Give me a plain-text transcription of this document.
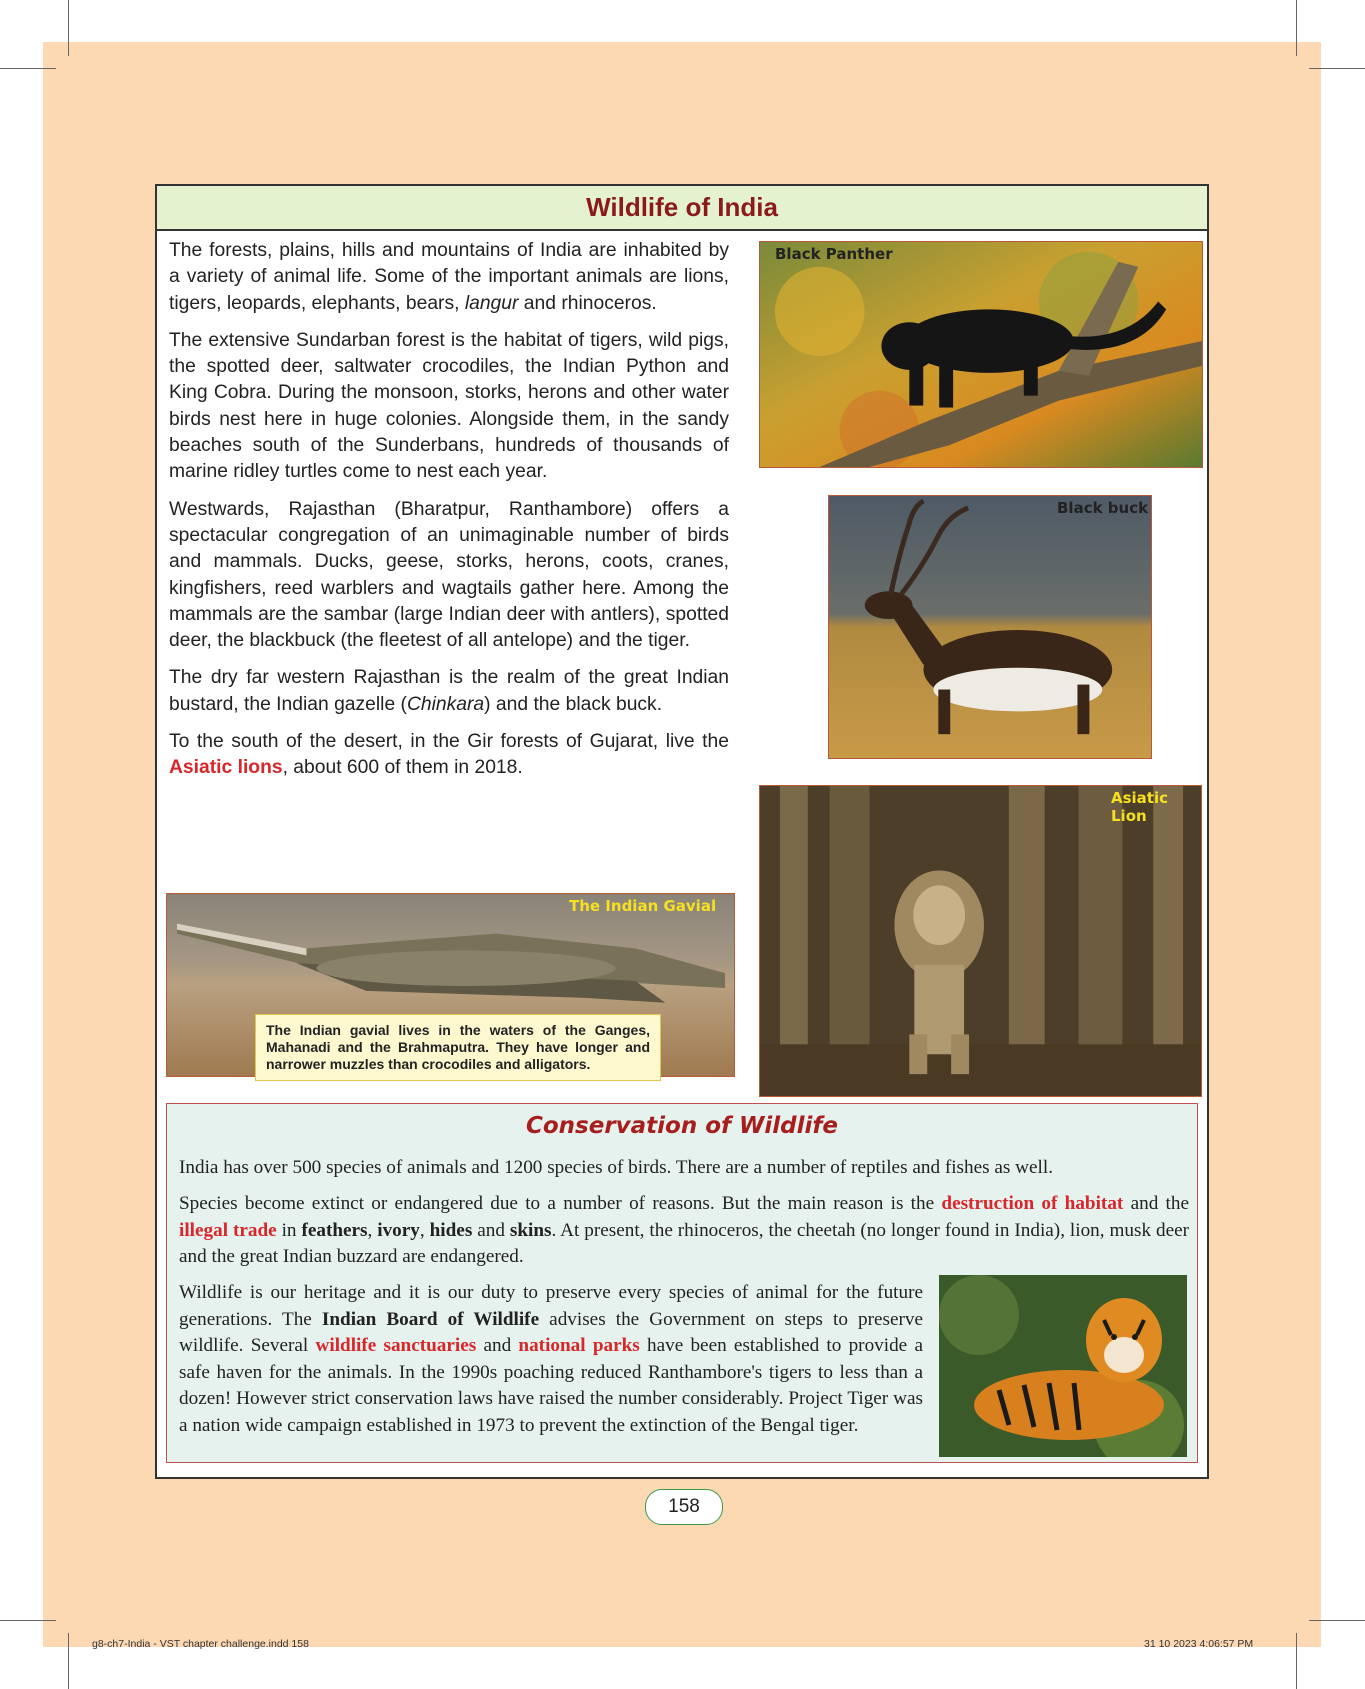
Wildlife of India

The forests, plains, hills and mountains of India are inhabited by a variety of animal life. Some of the important animals are lions, tigers, leopards, elephants, bears, langur and rhinoceros.

The extensive Sundarban forest is the habitat of tigers, wild pigs, the spotted deer, saltwater crocodiles, the Indian Python and King Cobra. During the monsoon, storks, herons and other water birds nest here in huge colonies. Alongside them, in the sandy beaches south of the Sunderbans, hundreds of thousands of marine ridley turtles come to nest each year.

Westwards, Rajasthan (Bharatpur, Ranthambore) offers a spectacular congregation of an unimaginable number of birds and mammals. Ducks, geese, storks, herons, coots, cranes, kingfishers, reed warblers and wagtails gather here. Among the mammals are the sambar (large Indian deer with antlers), spotted deer, the blackbuck (the fleetest of all antelope) and the tiger.

The dry far western Rajasthan is the realm of the great Indian bustard, the Indian gazelle (Chinkara) and the black buck.

To the south of the desert, in the Gir forests of Gujarat, live the Asiatic lions, about 600 of them in 2018.

Black Panther
Black buck
Asiatic Lion
The Indian Gavial
The Indian gavial lives in the waters of the Ganges, Mahanadi and the Brahmaputra. They have longer and narrower muzzles than crocodiles and alligators.
Conservation of Wildlife

India has over 500 species of animals and 1200 species of birds. There are a number of reptiles and fishes as well.

Species become extinct or endangered due to a number of reasons. But the main reason is the destruction of habitat and the illegal trade in feathers, ivory, hides and skins. At present, the rhinoceros, the cheetah (no longer found in India), lion, musk deer and the great Indian buzzard are endangered.

Wildlife is our heritage and it is our duty to preserve every species of animal for the future generations. The Indian Board of Wildlife advises the Government on steps to preserve wildlife. Several wildlife sanctuaries and national parks have been established to provide a safe haven for the animals. In the 1990s poaching reduced Ranthambore's tigers to less than a dozen! However strict conservation laws have raised the number considerably. Project Tiger was a nation wide campaign established in 1973 to prevent the extinction of the Bengal tiger.

158
g8-ch7-India - VST chapter challenge.indd 158	31 10 2023 4:06:57 PM
